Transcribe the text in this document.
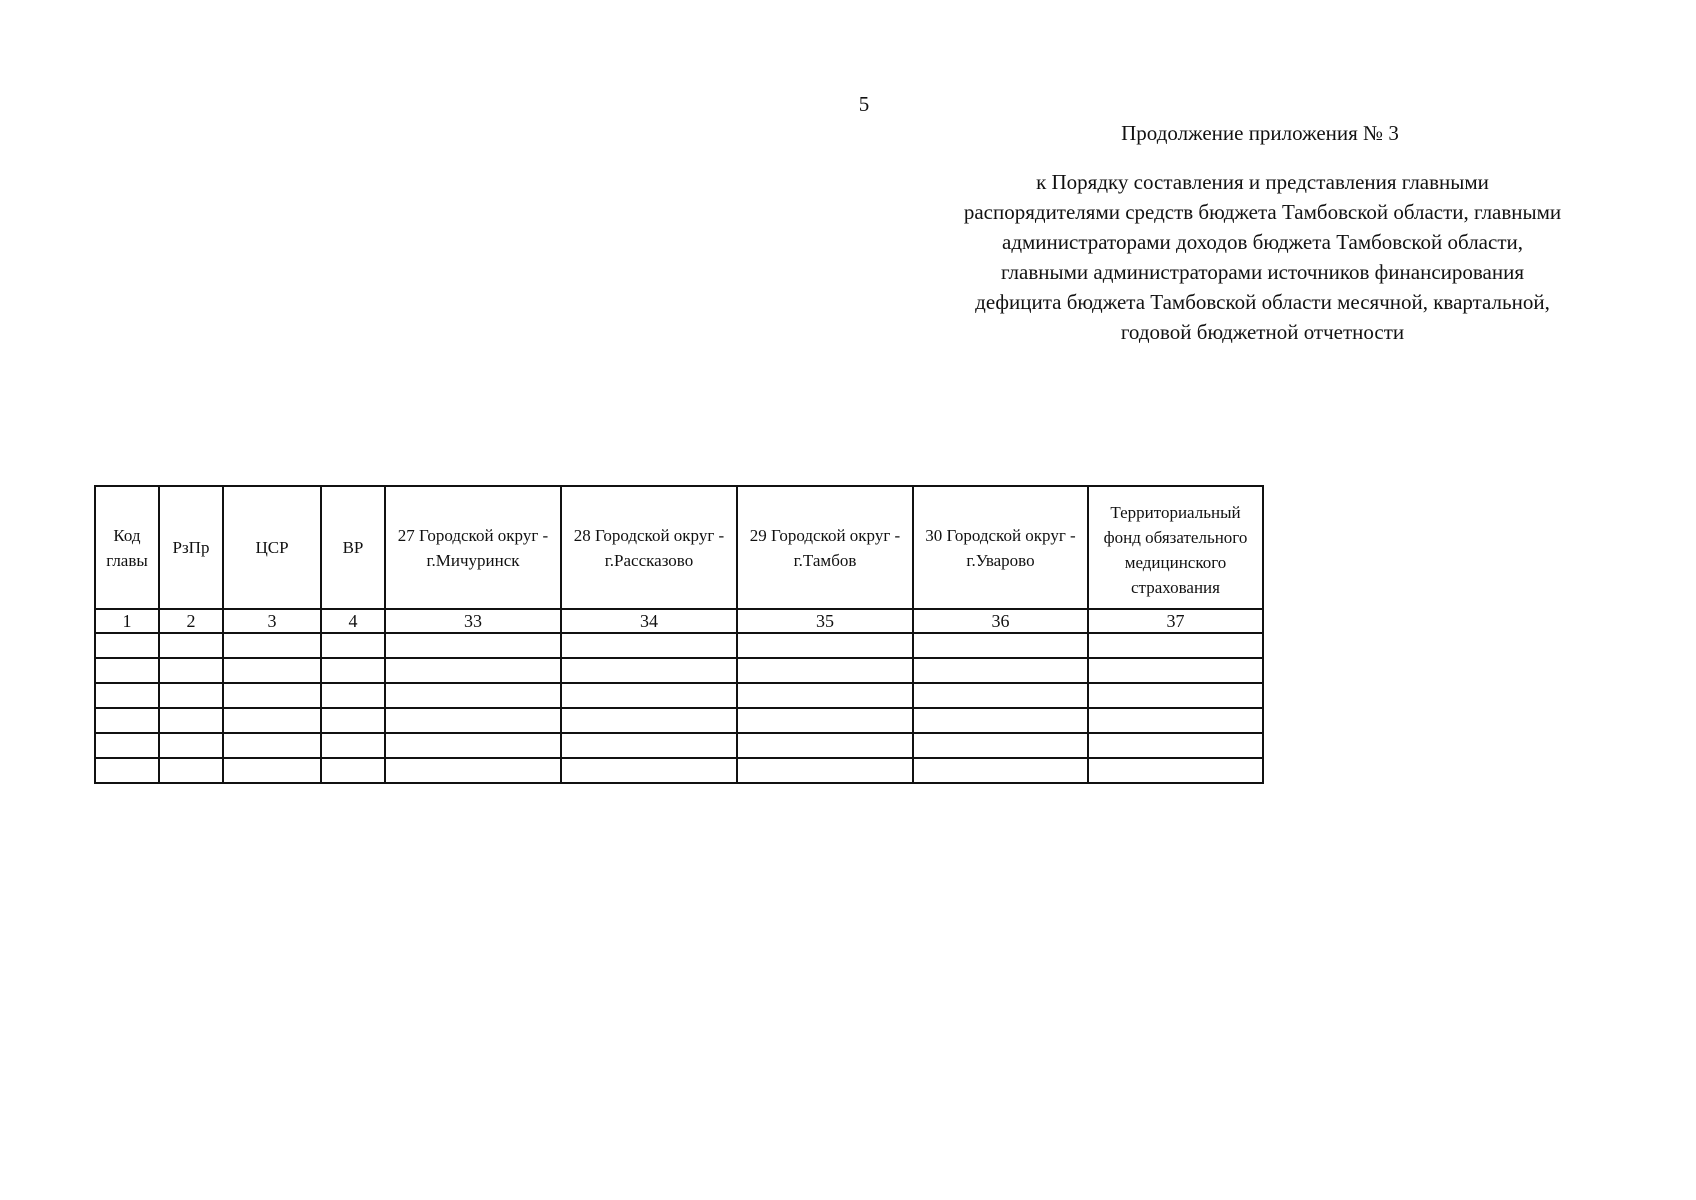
5
Продолжение приложения № 3
к Порядку составления и представления главными
распорядителями средств бюджета Тамбовской области, главными
администраторами доходов бюджета Тамбовской области,
главными администраторами источников финансирования
дефицита бюджета Тамбовской области месячной, квартальной,
годовой бюджетной отчетности
Код главы	РзПр	ЦСР	ВР	27 Городской округ - г.Мичуринск	28 Городской округ - г.Рассказово	29 Городской округ - г.Тамбов	30 Городской округ - г.Уварово	Территориальный фонд обязательного медицинского страхования

1	2	3	4	33	34	35	36	37
